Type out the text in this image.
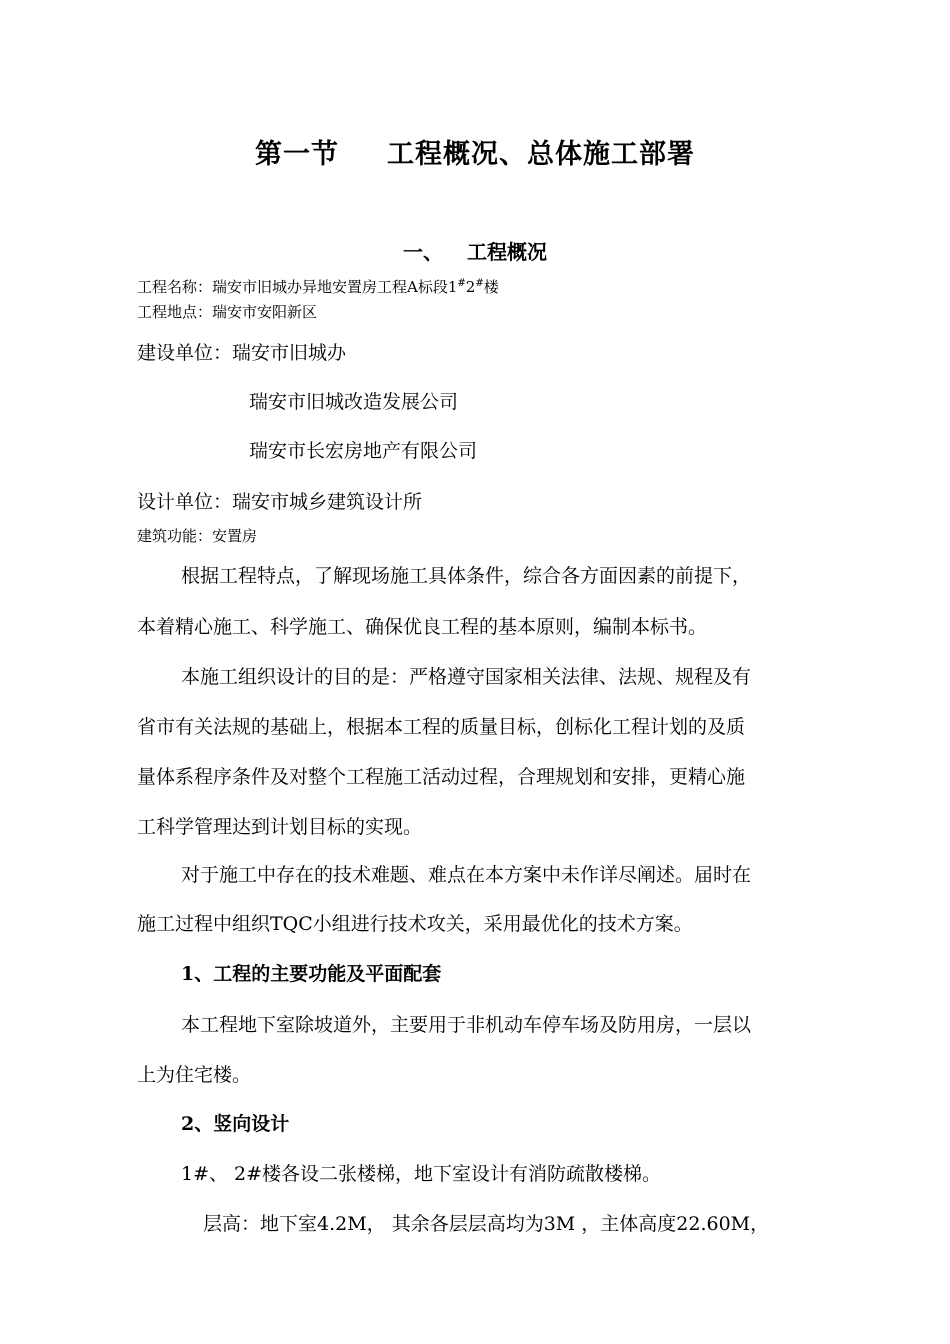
第一节 工程概况、总体施工部署
一、 工程概况
工程名称：瑞安市旧城办异地安置房工程A标段1#2#楼
工程地点：瑞安市安阳新区
建设单位：瑞安市旧城办
瑞安市旧城改造发展公司
瑞安市长宏房地产有限公司
设计单位：瑞安市城乡建筑设计所
建筑功能：安置房
根据工程特点，了解现场施工具体条件，综合各方面因素的前提下，
本着精心施工、科学施工、确保优良工程的基本原则，编制本标书。
本施工组织设计的目的是：严格遵守国家相关法律、法规、规程及有
省市有关法规的基础上，根据本工程的质量目标，创标化工程计划的及质
量体系程序条件及对整个工程施工活动过程，合理规划和安排，更精心施
工科学管理达到计划目标的实现。
对于施工中存在的技术难题、难点在本方案中未作详尽阐述。届时在
施工过程中组织TQC小组进行技术攻关，采用最优化的技术方案。
1、工程的主要功能及平面配套
本工程地下室除坡道外，主要用于非机动车停车场及防用房，一层以
上为住宅楼。
2、竖向设计
1#、 2#楼各设二张楼梯，地下室设计有消防疏散楼梯。
层高：地下室4.2M， 其余各层层高均为3M ，主体高度22.60M，
